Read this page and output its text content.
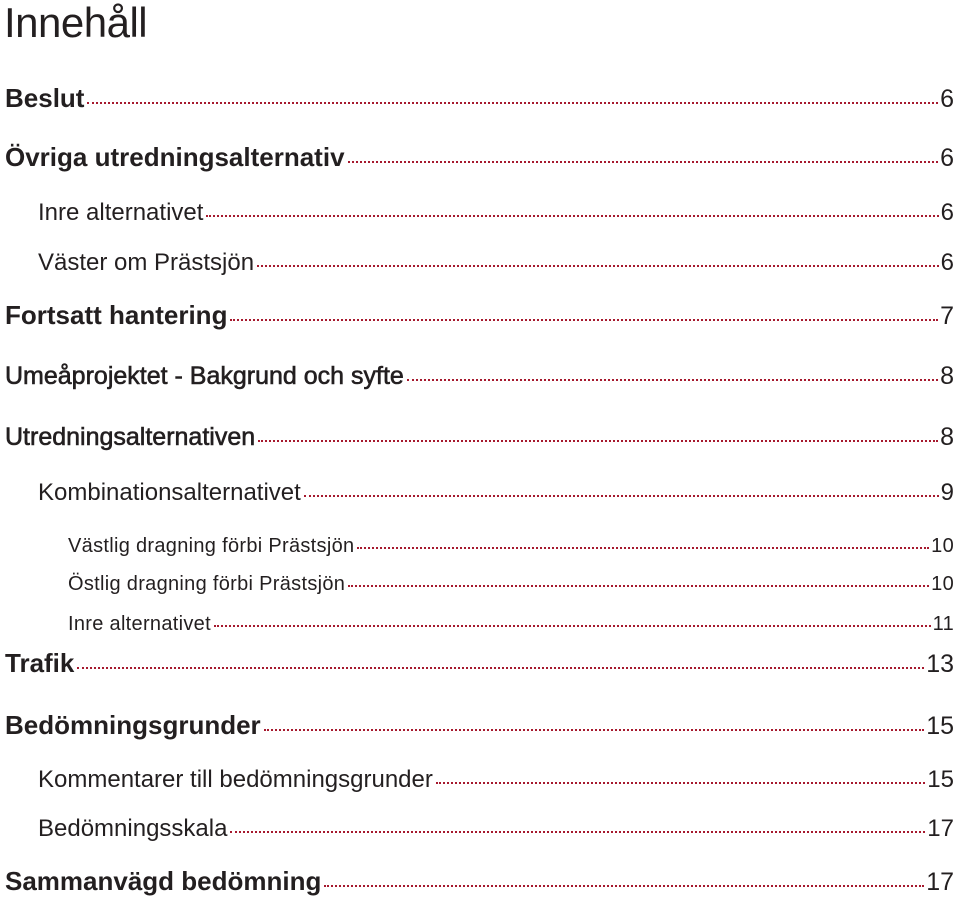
Innehåll
Beslut	6
Övriga utredningsalternativ	6
Inre alternativet	6
Väster om Prästsjön	6
Fortsatt hantering	7
Umeåprojektet - Bakgrund och syfte	8
Utredningsalternativen	8
Kombinationsalternativet	9
Västlig dragning förbi Prästsjön	10
Östlig dragning förbi Prästsjön	10
Inre alternativet	11
Trafik	13
Bedömningsgrunder	15
Kommentarer till bedömningsgrunder	15
Bedömningsskala	17
Sammanvägd bedömning	17
